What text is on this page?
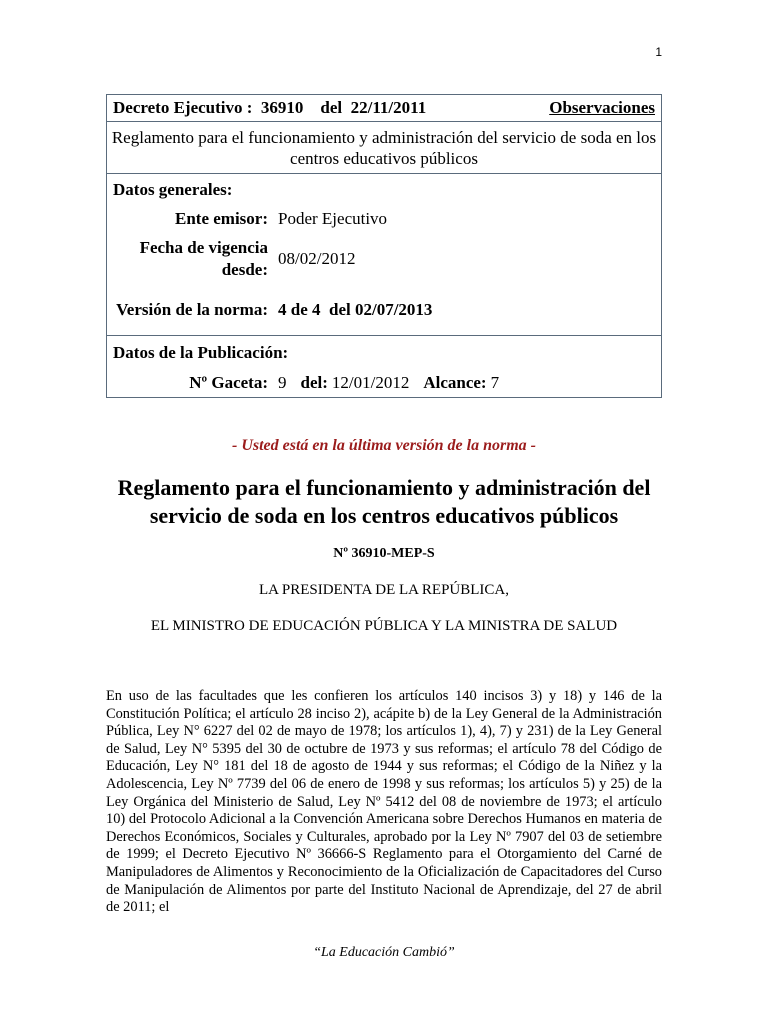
1
Decreto Ejecutivo :  36910    del  22/11/2011	Observaciones
Reglamento para el funcionamiento y administración del servicio de soda en los centros educativos públicos
Datos generales:
Ente emisor: Poder Ejecutivo
Fecha de vigencia desde:
08/02/2012
Versión de la norma: 4 de 4  del 02/07/2013
Datos de la Publicación:
Nº Gaceta: 9 del: 12/01/2012 Alcance: 7
- Usted está en la última versión de la norma -
Reglamento para el funcionamiento y administración del servicio de soda en los centros educativos públicos
Nº 36910-MEP-S
LA PRESIDENTA DE LA REPÚBLICA,
EL MINISTRO DE EDUCACIÓN PÚBLICA Y LA MINISTRA DE SALUD
En uso de las facultades que les confieren los artículos 140 incisos 3) y 18) y 146 de la Constitución Política; el artículo 28 inciso 2), acápite b) de la Ley General de la Administración Pública, Ley N° 6227 del 02 de mayo de 1978; los artículos 1), 4), 7) y 231) de la Ley General de Salud, Ley N° 5395 del 30 de octubre de 1973 y sus reformas; el artículo 78 del Código de Educación, Ley N° 181 del 18 de agosto de 1944 y sus reformas; el Código de la Niñez y la Adolescencia, Ley Nº 7739 del 06 de enero de 1998 y sus reformas; los artículos 5) y 25) de la Ley Orgánica del Ministerio de Salud, Ley Nº 5412 del 08 de noviembre de 1973; el artículo 10) del Protocolo Adicional a la Convención Americana sobre Derechos Humanos en materia de Derechos Económicos, Sociales y Culturales, aprobado por la Ley Nº 7907 del 03 de setiembre de 1999; el Decreto Ejecutivo Nº 36666-S Reglamento para el Otorgamiento del Carné de Manipuladores de Alimentos y Reconocimiento de la Oficialización de Capacitadores del Curso de Manipulación de Alimentos por parte del Instituto Nacional de Aprendizaje, del 27 de abril de 2011; el
“La Educación Cambió”
